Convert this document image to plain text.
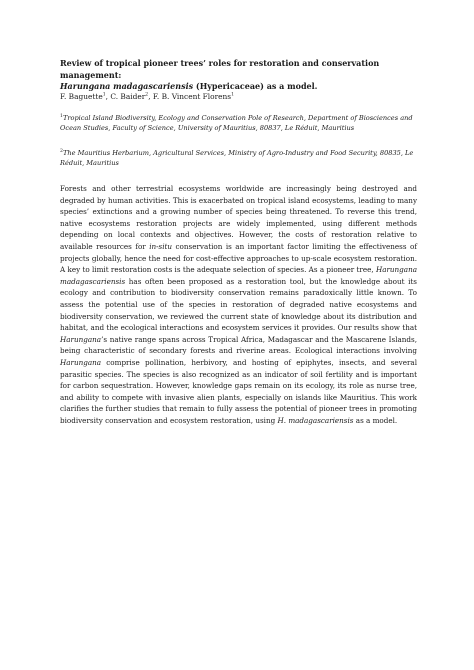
Review of tropical pioneer trees’ roles for restoration and conservation management:
Harungana madagascariensis (Hypericaceae) as a model.
F. Baguette$^1$, C. Baider$^2$, F. B. Vincent Florens$^1$
$^1$Tropical Island Biodiversity, Ecology and Conservation Pole of Research, Department of Biosciences and Ocean Studies, Faculty of Science, University of Mauritius, 80837, Le Réduit, Mauritius
$^2$The Mauritius Herbarium, Agricultural Services, Ministry of Agro-Industry and Food Security, 80835, Le Réduit, Mauritius
Forests and other terrestrial ecosystems worldwide are increasingly being destroyed and degraded by human activities. This is exacerbated on tropical island ecosystems, leading to many species’ extinctions and a growing number of species being threatened. To reverse this trend, native ecosystems restoration projects are widely implemented, using different methods depending on local contexts and objectives. However, the costs of restoration relative to available resources for in-situ conservation is an important factor limiting the effectiveness of projects globally, hence the need for cost-effective approaches to up-scale ecosystem restoration. A key to limit restoration costs is the adequate selection of species. As a pioneer tree, Harungana madagascariensis has often been proposed as a restoration tool, but the knowledge about its ecology and contribution to biodiversity conservation remains paradoxically little known. To assess the potential use of the species in restoration of degraded native ecosystems and biodiversity conservation, we reviewed the current state of knowledge about its distribution and habitat, and the ecological interactions and ecosystem services it provides. Our results show that Harungana’s native range spans across Tropical Africa, Madagascar and the Mascarene Islands, being characteristic of secondary forests and riverine areas. Ecological interactions involving Harungana comprise pollination, herbivory, and hosting of epiphytes, insects, and several parasitic species. The species is also recognized as an indicator of soil fertility and is important for carbon sequestration. However, knowledge gaps remain on its ecology, its role as nurse tree, and ability to compete with invasive alien plants, especially on islands like Mauritius. This work clarifies the further studies that remain to fully assess the potential of pioneer trees in promoting biodiversity conservation and ecosystem restoration, using H. madagascariensis as a model.
